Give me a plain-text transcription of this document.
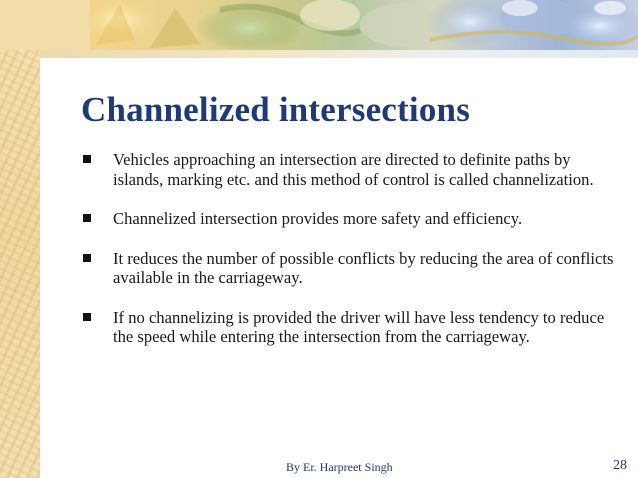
Channelized intersections
Vehicles approaching an intersection are directed to definite paths by islands, marking etc. and this method of control is called channelization.
Channelized intersection provides more safety and efficiency.
It reduces the number of possible conflicts by reducing the area of conflicts available in the carriageway.
If no channelizing is provided the driver will have less tendency to reduce the speed while entering the intersection from the carriageway.
By Er. Harpreet Singh	28
